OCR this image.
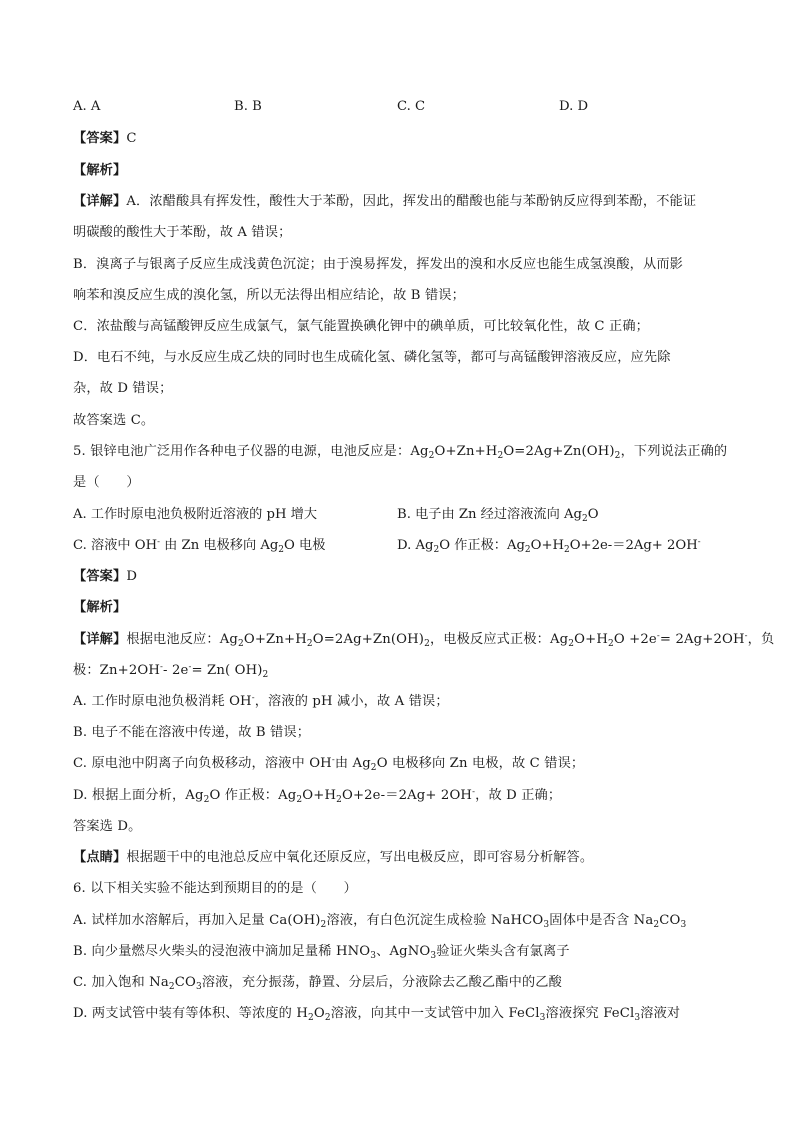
A. A	B. B	C. C	D. D
【答案】C
【解析】
【详解】A．浓醋酸具有挥发性，酸性大于苯酚，因此，挥发出的醋酸也能与苯酚钠反应得到苯酚，不能证
明碳酸的酸性大于苯酚，故 A 错误；
B．溴离子与银离子反应生成浅黄色沉淀；由于溴易挥发，挥发出的溴和水反应也能生成氢溴酸，从而影
响苯和溴反应生成的溴化氢，所以无法得出相应结论，故 B 错误；
C．浓盐酸与高锰酸钾反应生成氯气，氯气能置换碘化钾中的碘单质，可比较氧化性，故 C 正确；
D．电石不纯，与水反应生成乙炔的同时也生成硫化氢、磷化氢等，都可与高锰酸钾溶液反应，应先除
杂，故 D 错误；
故答案选 C。
5. 银锌电池广泛用作各种电子仪器的电源，电池反应是：$Ag_2O+Zn+H_2O=2Ag+Zn(OH)_2$，下列说法正确的
是（　　）
A. 工作时原电池负极附近溶液的 pH 增大	B. 电子由 Zn 经过溶液流向 $Ag_2O$
C. 溶液中 OH- 由 Zn 电极移向 $Ag_2O$ 电极	D. $Ag_2O$ 作正极：$Ag_2O+H_2O+2e-=2Ag+ 2OH^-$
【答案】D
【解析】
【详解】根据电池反应：$Ag_2O+Zn+H_2O=2Ag+Zn(OH)_2$，电极反应式正极：$Ag_2O+H_2O +2e^-= 2Ag+2OH^-$，负
极：Zn+2OH-- 2e-= Zn( $OH)_2$
A. 工作时原电池负极消耗 OH-，溶液的 pH 减小，故 A 错误；
B. 电子不能在溶液中传递，故 B 错误；
C. 原电池中阴离子向负极移动，溶液中 OH-由 $Ag_2O$ 电极移向 Zn 电极，故 C 错误；
D. 根据上面分析，$Ag_2O$ 作正极：$Ag_2O+H_2O+2e-=2Ag+ 2OH^-$，故 D 正确；
答案选 D。
【点睛】根据题干中的电池总反应中氧化还原反应，写出电极反应，即可容易分析解答。
6. 以下相关实验不能达到预期目的的是（　　）
A. 试样加水溶解后，再加入足量 $Ca(OH)_2$溶液，有白色沉淀生成检验 NaHCO$_3$固体中是否含 $Na_2CO_3$
B. 向少量燃尽火柴头的浸泡液中滴加足量稀 $HNO_3$、AgNO$_3$验证火柴头含有氯离子
C. 加入饱和 $Na_2CO_3$溶液，充分振荡，静置、分层后，分液除去乙酸乙酯中的乙酸
D. 两支试管中装有等体积、等浓度的 $H_2O_2$溶液，向其中一支试管中加入 FeCl$_3$溶液探究 FeCl$_3$溶液对
